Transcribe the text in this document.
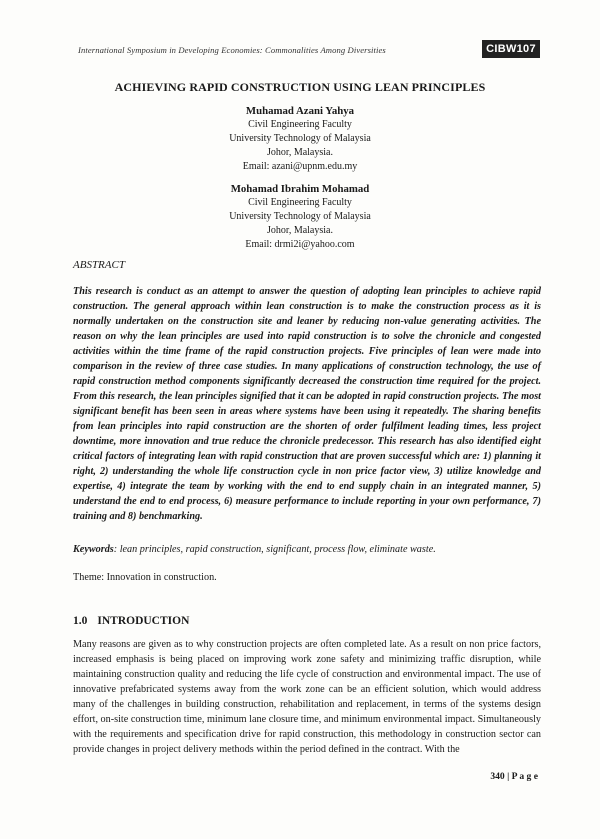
International Symposium in Developing Economies: Commonalities Among Diversities	CIBW107
ACHIEVING RAPID CONSTRUCTION USING LEAN PRINCIPLES
Muhamad Azani Yahya
Civil Engineering Faculty
University Technology of Malaysia
Johor, Malaysia.
Email: azani@upnm.edu.my
Mohamad Ibrahim Mohamad
Civil Engineering Faculty
University Technology of Malaysia
Johor, Malaysia.
Email: drmi2i@yahoo.com
ABSTRACT

This research is conduct as an attempt to answer the question of adopting lean principles to achieve rapid construction. The general approach within lean construction is to make the construction process as it is normally undertaken on the construction site and leaner by reducing non-value generating activities. The reason on why the lean principles are used into rapid construction is to solve the chronicle and congested activities within the time frame of the rapid construction projects. Five principles of lean were made into comparison in the review of three case studies. In many applications of construction technology, the use of rapid construction method components significantly decreased the construction time required for the project. From this research, the lean principles signified that it can be adopted in rapid construction projects. The most significant benefit has been seen in areas where systems have been using it repeatedly. The sharing benefits from lean principles into rapid construction are the shorten of order fulfilment leading times, less project downtime, more innovation and true reduce the chronicle predecessor. This research has also identified eight critical factors of integrating lean with rapid construction that are proven successful which are: 1) planning it right, 2) understanding the whole life construction cycle in non price factor view, 3) utilize knowledge and expertise, 4) integrate the team by working with the end to end supply chain in an integrated manner, 5) understand the end to end process, 6) measure performance to include reporting in your own performance, 7) training and 8) benchmarking.

Keywords: lean principles, rapid construction, significant, process flow, eliminate waste.
Theme: Innovation in construction.
1.0 INTRODUCTION

Many reasons are given as to why construction projects are often completed late. As a result on non price factors, increased emphasis is being placed on improving work zone safety and minimizing traffic disruption, while maintaining construction quality and reducing the life cycle of construction and environmental impact. The use of innovative prefabricated systems away from the work zone can be an efficient solution, which would address many of the challenges in building construction, rehabilitation and replacement, in terms of the systems design effort, on-site construction time, minimum lane closure time, and minimum environmental impact. Simultaneously with the requirements and specification drive for rapid construction, this methodology in construction sector can provide changes in project delivery methods within the period defined in the contract. With the

340 | P a g e
